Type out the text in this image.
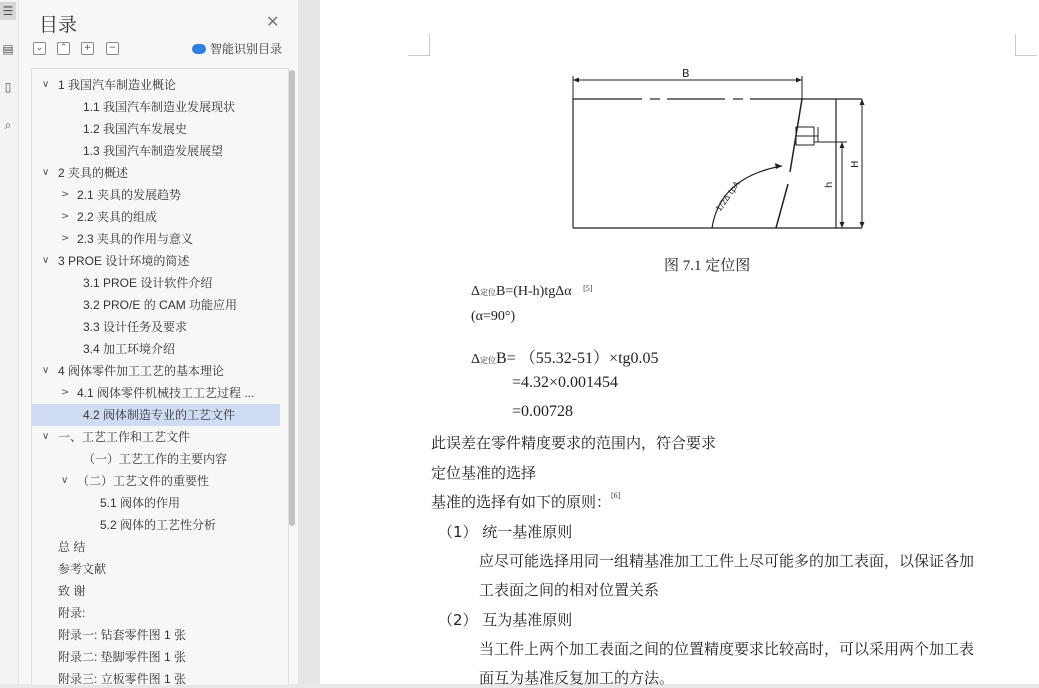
☰
▤
▯
⌕
目录	✕
⌄	⌃	+	−	智能识别目录
∨ 1 我国汽车制造业概论
1.1 我国汽车制造业发展现状
1.2 我国汽车发展史
1.3 我国汽车制造发展展望
∨ 2 夹具的概述
> 2.1 夹具的发展趋势
> 2.2 夹具的组成
> 2.3 夹具的作用与意义
∨ 3 PROE 设计环境的简述
3.1 PROE 设计软件介绍
3.2 PRO/E 的 CAM 功能应用
3.3 设计任务及要求
3.4 加工环境介绍
∨ 4 阀体零件加工工艺的基本理论
> 4.1 阀体零件机械技工工艺过程 ...
4.2 阀体制造专业的工艺文件
∨ 一、工艺工作和工艺文件
（一）工艺工作的主要内容
∨ （二）工艺文件的重要性
5.1 阀体的作用
5.2 阀体的工艺性分析
总 结
参考文献
致 谢
附录:
附录一: 钻套零件图 1 张
附录二: 垫脚零件图 1 张
附录三: 立板零件图 1 张
B
1/2Δ tpA	h
H
图 7.1 定位图
Δ定位B=(H-h)tgΔα [5]
(α=90°)
Δ定位B= （55.32-51）×tg0.05
=4.32×0.001454
=0.00728
此误差在零件精度要求的范围内，符合要求
定位基准的选择
基准的选择有如下的原则：[6]
（1） 统一基准原则
应尽可能选择用同一组精基准加工工件上尽可能多的加工表面，以保证各加
工表面之间的相对位置关系
（2） 互为基准原则
当工件上两个加工表面之间的位置精度要求比较高时，可以采用两个加工表
面互为基准反复加工的方法。
